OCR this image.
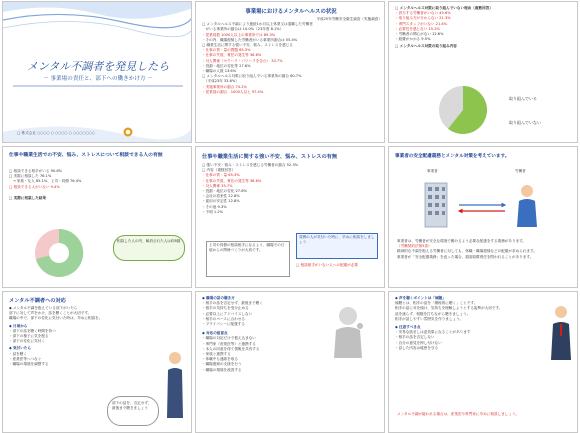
メンタル不調者を発見したら
－ 事業場の責任と、部下への働きかけ方 －
□ 株式会社 ○○○○ ○ ○○○○ ○ ○○○○○○○
事業場におけるメンタルヘルスの状況
平成25年労働安全衛生調査（実態調査）
□ メンタルヘルス不調により連続1か月以上休業又は退職した労働者
　がいる事業所の割合は 10.0%（23年度 8.1%）
・従業員数 1000人以上の事業所では 89.3%
・その内、職場復帰した労働者がいる事業所割合は 55.4%
□ 職業生活に関する強い不安、悩み、ストレスを感じる
・仕事の質・量の問題 65.3%
・仕事の失敗、責任の発生等 36.6%
・対人関係（セクハラ・パワハラを含む） 33.7%
・役割・地位の変化等 27.6%
・職場の人数 13.6%
□ メンタルヘルス対策に取り組んでいる事業所の割合 60.7%
　（平成23年 33.6%）
・実施事業所の割合 74.2%
・従業員の割合　1000人以上 97.4%
□ メンタルヘルス対策に取り組んでいない理由（複数回答）
・該当する労働者がいない 45.6%
・取り組み方が分からない 21.3%
・専門スタッフがいない 21.4%
・必要性を感じない 15.2%
・労働者の関心がない 12.6%
・経費がかかる 9.5%
□ メンタルヘルス対策の取り組み内容
取り組んでいる
取り組んでいない
仕事や職業生活での不安、悩み、ストレスについて相談できる人の有無
□ 相談できる相手がいる 90.6%
□ 実際に相談した 76.1%
　→ 家族・友人 85.1%、上司・同僚 76.4%
□ 相談できる人がいない 9.4%
□ 実際に相談した結果
相談した人の内、解消された人は約8割
仕事や職業生活に関する強い不安、悩み、ストレスの有無
□ 強い不安・悩み・ストレスを感じる労働者の割合 52.3%
□ 内容（複数回答）
・仕事の質・量 65.3%
・仕事の失敗、責任の発生等 36.6%
・対人関係 33.7%
・役割・地位の変化 27.6%
・会社の将来性 22.8%
・雇用の安定性 12.8%
・その他 9.3%
・不明 1.2%
上司や同僚の相談相手になるよう、職場での日頃からの関係づくりが大切です。
周囲の人が気付いた時に、早めに相談をしましょう
□ 相談相手がいない人への配慮が必要
事業者の安全配慮義務とメンタル対策を考えています。
事業者	労働者
事業者は、労働者が安全な環境で働けるよう必要な配慮をする義務があります。
（労働契約法第5条）
精神的な不調を抱える労働者に対しても、休職・職場復帰などの配慮が求められます。
事業者が「安全配慮義務」を怠った場合、損害賠償責任を問われることがあります。
メンタル不調者への対応
◆ メンタル不調を抱えている部下がいたら
部下に対して声をかけ、話を聴くことが大切です。
職場の中で、部下の変化に気付いた時は、早めに相談を。
◆ 日頃から
・部下の話を聴く時間を持つ
・部下の様子に気を配る
・部下の変化に気付く
◆ 気付いたら
・話を聴く
・産業医等へつなぐ
・職場の環境を調整する
部下の話を、否定せず、最後まで聴きましょう
◆ 職場の話の聴き方
・相手の話を否定せず、最後まで聴く
・相手の気持ちを受け止める
・必要以上にアドバイスしない
・相手のペースに合わせる
・プライバシーに配慮する
◆ 対応の留意点
・職場の対応だけで抱え込まない
・専門家（産業医等）と連携する
・本人の同意を得て情報を共有する
・家族と連携する
・休職中も連絡を取る
・職場復帰の支援を行う
・職場の環境を改善する
◆ 声を聴くポイントは「傾聴」
傾聴とは、相手の話を「積極的に聴く」ことです。
相手の話に耳を傾け、気持ちを理解しようとする姿勢が大切です。
話を遮らず、相槌を打ちながら聴きましょう。
相手が話しやすい雰囲気を作りましょう。
◆ 注意すべき点
・安易な励ましは逆効果になることがあります
・相手の話を否定しない
・自分の意見を押し付けない
・話した内容は秘密を守る
メンタル不調が疑われる場合は、産業医や専門家に早めに相談しましょう。
